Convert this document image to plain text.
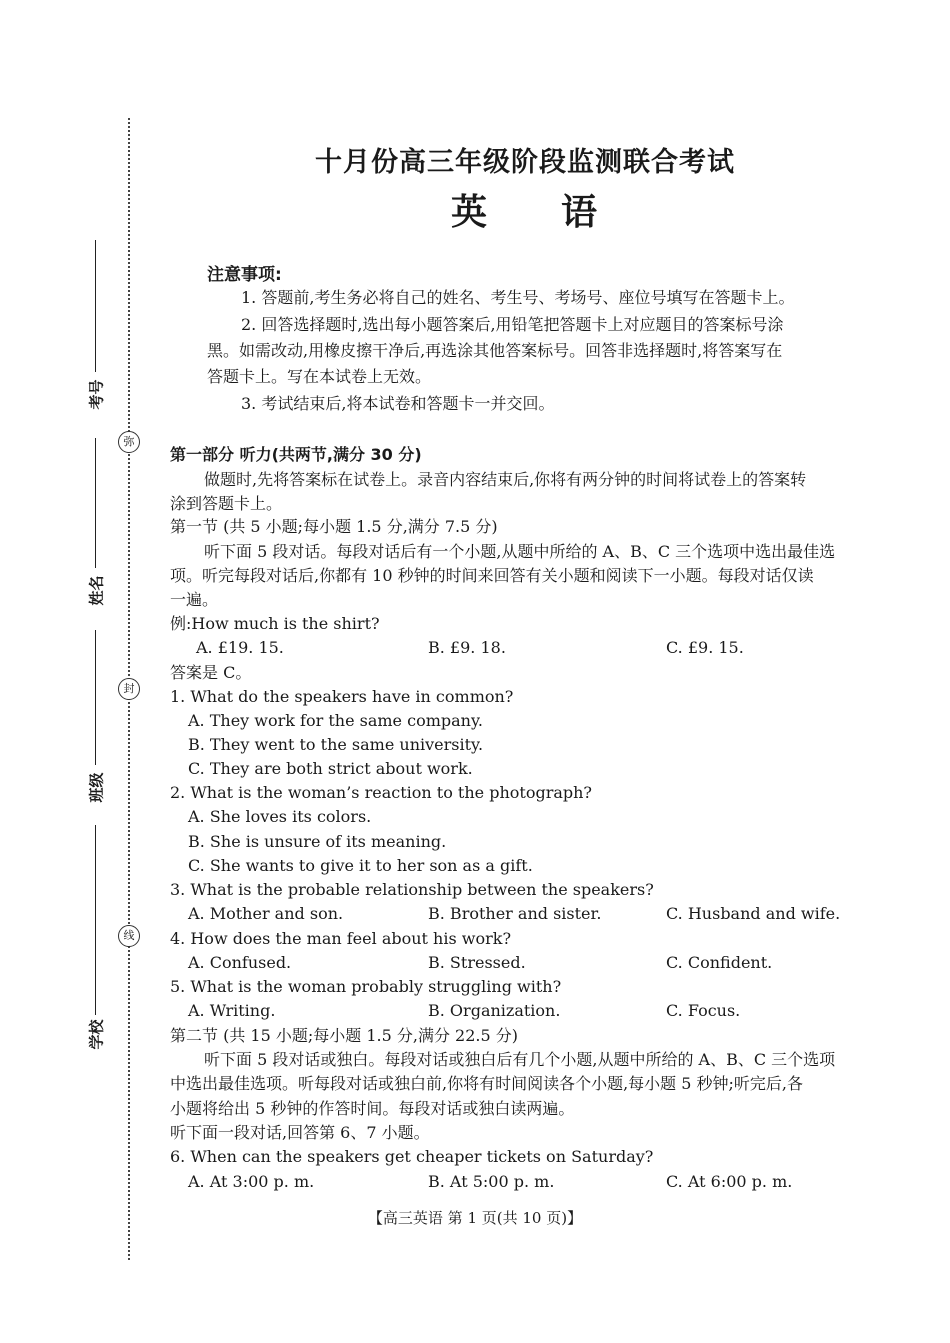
弥
封
线
考号
姓名
班级
学校
十月份高三年级阶段监测联合考试
英 语
注意事项:
1. 答题前,考生务必将自己的姓名、考生号、考场号、座位号填写在答题卡上。
2. 回答选择题时,选出每小题答案后,用铅笔把答题卡上对应题目的答案标号涂
黑。如需改动,用橡皮擦干净后,再选涂其他答案标号。回答非选择题时,将答案写在
答题卡上。写在本试卷上无效。
3. 考试结束后,将本试卷和答题卡一并交回。
第一部分 听力(共两节,满分 30 分)
做题时,先将答案标在试卷上。录音内容结束后,你将有两分钟的时间将试卷上的答案转
涂到答题卡上。
第一节 (共 5 小题;每小题 1.5 分,满分 7.5 分)
听下面 5 段对话。每段对话后有一个小题,从题中所给的 A、B、C 三个选项中选出最佳选
项。听完每段对话后,你都有 10 秒钟的时间来回答有关小题和阅读下一小题。每段对话仅读
一遍。
例:How much is the shirt?
A. £19. 15.	B. £9. 18.	C. £9. 15.
答案是 C。
1. What do the speakers have in common?
A. They work for the same company.
B. They went to the same university.
C. They are both strict about work.
2. What is the woman’s reaction to the photograph?
A. She loves its colors.
B. She is unsure of its meaning.
C. She wants to give it to her son as a gift.
3. What is the probable relationship between the speakers?
A. Mother and son.	B. Brother and sister.	C. Husband and wife.
4. How does the man feel about his work?
A. Confused.	B. Stressed.	C. Confident.
5. What is the woman probably struggling with?
A. Writing.	B. Organization.	C. Focus.
第二节 (共 15 小题;每小题 1.5 分,满分 22.5 分)
听下面 5 段对话或独白。每段对话或独白后有几个小题,从题中所给的 A、B、C 三个选项
中选出最佳选项。听每段对话或独白前,你将有时间阅读各个小题,每小题 5 秒钟;听完后,各
小题将给出 5 秒钟的作答时间。每段对话或独白读两遍。
听下面一段对话,回答第 6、7 小题。
6. When can the speakers get cheaper tickets on Saturday?
A. At 3:00 p. m.	B. At 5:00 p. m.	C. At 6:00 p. m.
【高三英语 第 1 页(共 10 页)】
